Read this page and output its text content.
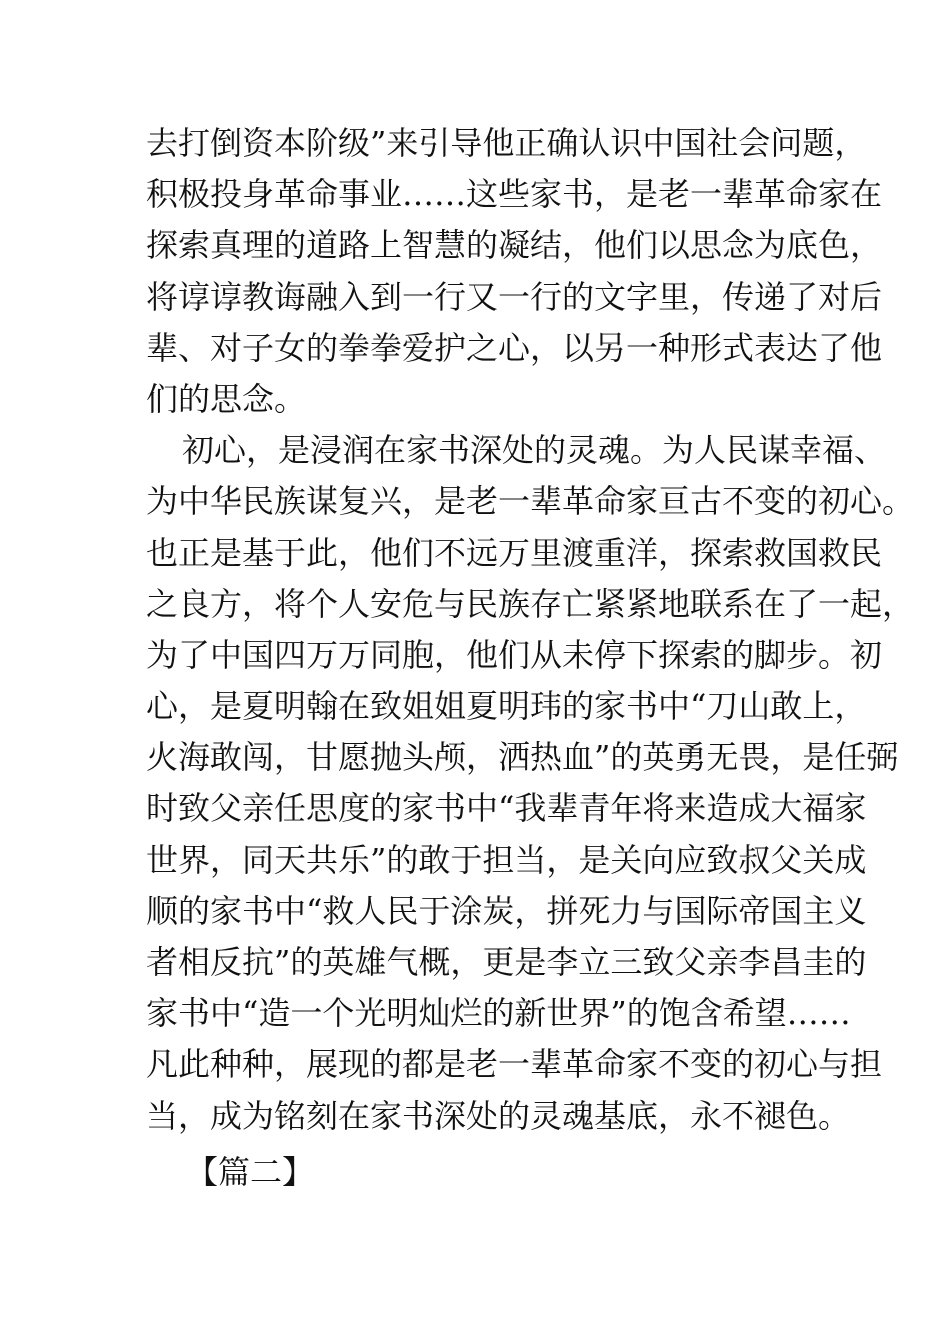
去打倒资本阶级”来引导他正确认识中国社会问题，
积极投身革命事业……这些家书，是老一辈革命家在
探索真理的道路上智慧的凝结，他们以思念为底色，
将谆谆教诲融入到一行又一行的文字里，传递了对后
辈、对子女的拳拳爱护之心，以另一种形式表达了他
们的思念。
初心，是浸润在家书深处的灵魂。为人民谋幸福、
为中华民族谋复兴，是老一辈革命家亘古不变的初心。
也正是基于此，他们不远万里渡重洋，探索救国救民
之良方，将个人安危与民族存亡紧紧地联系在了一起，
为了中国四万万同胞，他们从未停下探索的脚步。初
心，是夏明翰在致姐姐夏明玮的家书中“刀山敢上，
火海敢闯，甘愿抛头颅，洒热血”的英勇无畏，是任弼
时致父亲任思度的家书中“我辈青年将来造成大福家
世界，同天共乐”的敢于担当，是关向应致叔父关成
顺的家书中“救人民于涂炭，拼死力与国际帝国主义
者相反抗”的英雄气概，更是李立三致父亲李昌圭的
家书中“造一个光明灿烂的新世界”的饱含希望……
凡此种种，展现的都是老一辈革命家不变的初心与担
当，成为铭刻在家书深处的灵魂基底，永不褪色。
【篇二】
